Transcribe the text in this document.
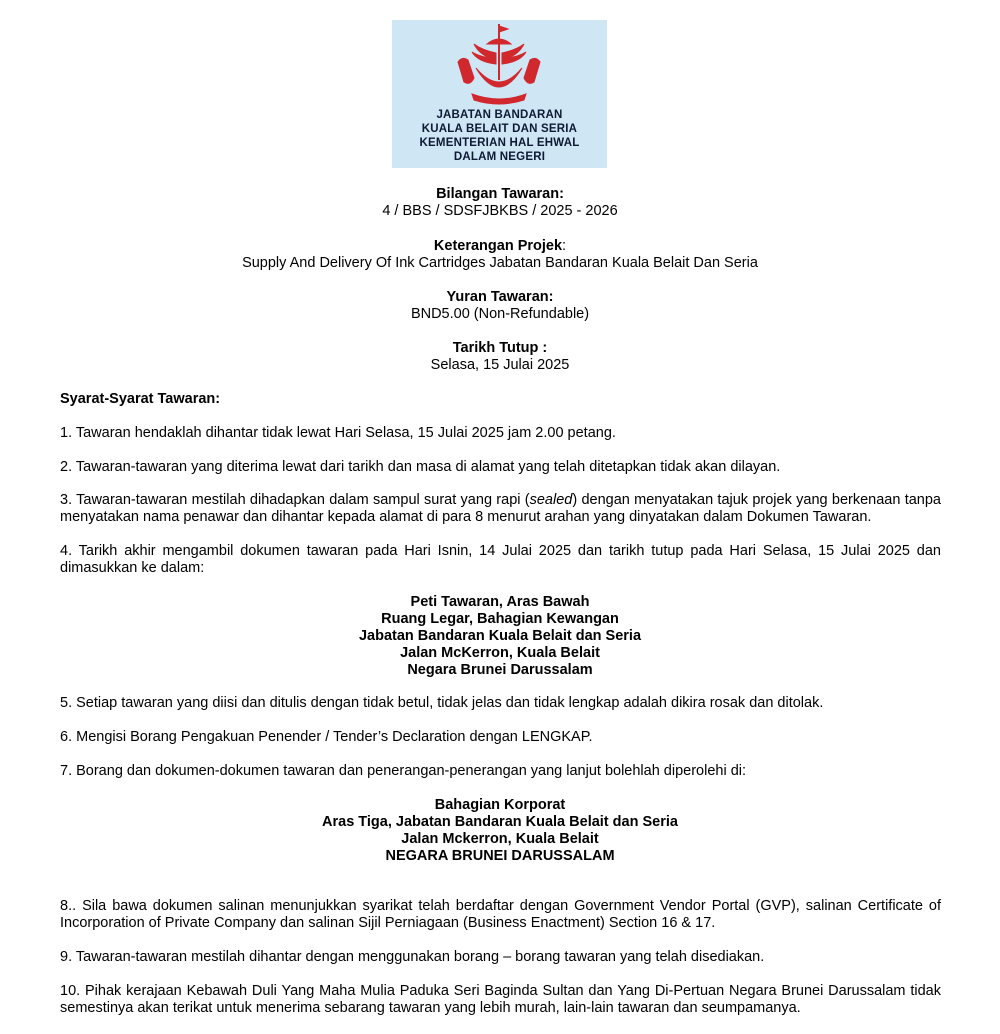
JABATAN BANDARAN
KUALA BELAIT DAN SERIA
KEMENTERIAN HAL EHWAL
DALAM NEGERI
Bilangan Tawaran:
4 / BBS / SDSFJBKBS / 2025 - 2026
Keterangan Projek:
Supply And Delivery Of Ink Cartridges Jabatan Bandaran Kuala Belait Dan Seria
Yuran Tawaran:
BND5.00 (Non-Refundable)
Tarikh Tutup :
Selasa, 15 Julai 2025
Syarat-Syarat Tawaran:
1. Tawaran hendaklah dihantar tidak lewat Hari Selasa, 15 Julai 2025 jam 2.00 petang.
2. Tawaran-tawaran yang diterima lewat dari tarikh dan masa di alamat yang telah ditetapkan tidak akan dilayan.
3. Tawaran-tawaran mestilah dihadapkan dalam sampul surat yang rapi (sealed) dengan menyatakan tajuk projek yang berkenaan tanpa menyatakan nama penawar dan dihantar kepada alamat di para 8 menurut arahan yang dinyatakan dalam Dokumen Tawaran.
4. Tarikh akhir mengambil dokumen tawaran pada Hari Isnin, 14 Julai 2025 dan tarikh tutup pada Hari Selasa, 15 Julai 2025 dan dimasukkan ke dalam:
Peti Tawaran, Aras Bawah
Ruang Legar, Bahagian Kewangan
Jabatan Bandaran Kuala Belait dan Seria
Jalan McKerron, Kuala Belait
Negara Brunei Darussalam
5. Setiap tawaran yang diisi dan ditulis dengan tidak betul, tidak jelas dan tidak lengkap adalah dikira rosak dan ditolak.
6. Mengisi Borang Pengakuan Penender / Tender’s Declaration dengan LENGKAP.
7. Borang dan dokumen-dokumen tawaran dan penerangan-penerangan yang lanjut bolehlah diperolehi di:
Bahagian Korporat
Aras Tiga, Jabatan Bandaran Kuala Belait dan Seria
Jalan Mckerron, Kuala Belait
NEGARA BRUNEI DARUSSALAM
8.. Sila bawa dokumen salinan menunjukkan syarikat telah berdaftar dengan Government Vendor Portal (GVP), salinan Certificate of Incorporation of Private Company dan salinan Sijil Perniagaan (Business Enactment) Section 16 & 17.
9. Tawaran-tawaran mestilah dihantar dengan menggunakan borang – borang tawaran yang telah disediakan.
10. Pihak kerajaan Kebawah Duli Yang Maha Mulia Paduka Seri Baginda Sultan dan Yang Di-Pertuan Negara Brunei Darussalam tidak semestinya akan terikat untuk menerima sebarang tawaran yang lebih murah, lain-lain tawaran dan seumpamanya.
